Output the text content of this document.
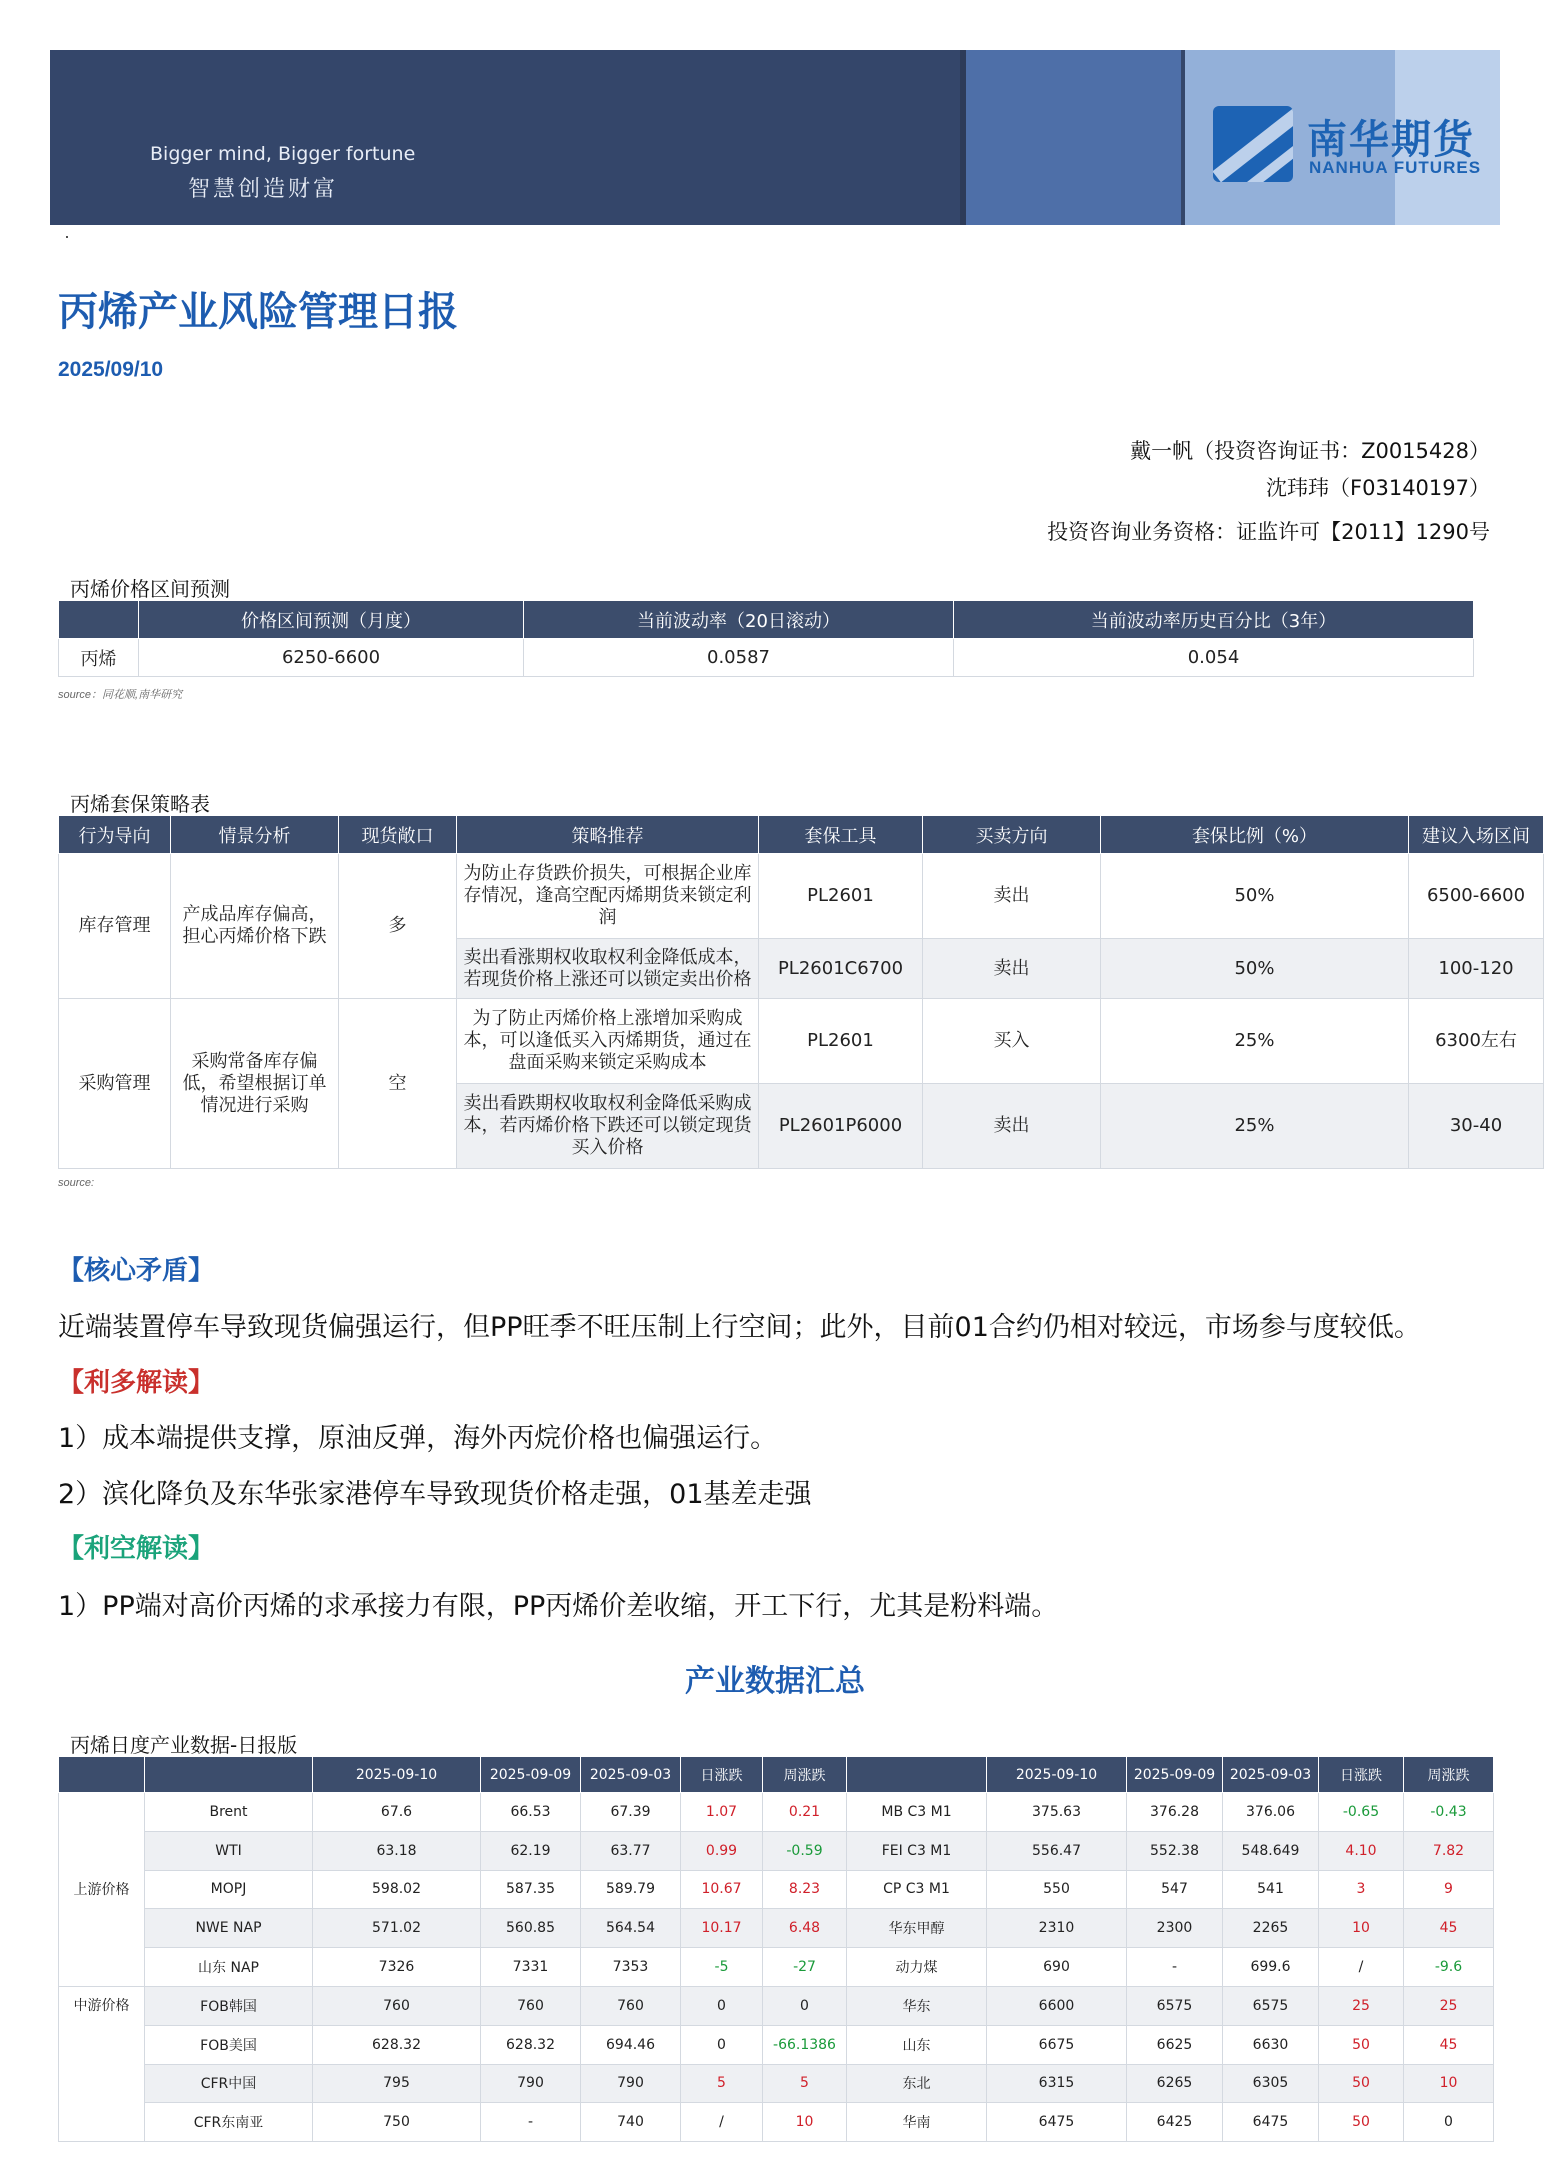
Bigger mind, Bigger fortune
智慧创造财富
南华期货
NANHUA FUTURES
·
丙烯产业风险管理日报
2025/09/10
戴一帆（投资咨询证书：Z0015428）
沈玮玮（F03140197）
投资咨询业务资格：证监许可【2011】1290号
丙烯价格区间预测
	价格区间预测（月度）	当前波动率（20日滚动）	当前波动率历史百分比（3年）
丙烯	6250-6600	0.0587	0.054
source：同花顺,南华研究
丙烯套保策略表
行为导向	情景分析	现货敞口	策略推荐	套保工具	买卖方向	套保比例（%）	建议入场区间
库存管理	产成品库存偏高，担心丙烯价格下跌	多	为防止存货跌价损失，可根据企业库存情况，逢高空配丙烯期货来锁定利润	PL2601	卖出	50%	6500-6600
			卖出看涨期权收取权利金降低成本，若现货价格上涨还可以锁定卖出价格	PL2601C6700	卖出	50%	100-120
采购管理	采购常备库存偏低，希望根据订单情况进行采购	空	为了防止丙烯价格上涨增加采购成本，可以逢低买入丙烯期货，通过在盘面采购来锁定采购成本	PL2601	买入	25%	6300左右
			卖出看跌期权收取权利金降低采购成本，若丙烯价格下跌还可以锁定现货买入价格	PL2601P6000	卖出	25%	30-40
source:
【核心矛盾】
近端装置停车导致现货偏强运行，但PP旺季不旺压制上行空间；此外，目前01合约仍相对较远，市场参与度较低。
【利多解读】
1）成本端提供支撑，原油反弹，海外丙烷价格也偏强运行。
2）滨化降负及东华张家港停车导致现货价格走强，01基差走强
【利空解读】
1）PP端对高价丙烯的求承接力有限，PP丙烯价差收缩，开工下行，尤其是粉料端。
产业数据汇总
丙烯日度产业数据-日报版
		2025-09-10	2025-09-09	2025-09-03	日涨跌	周涨跌		2025-09-10	2025-09-09	2025-09-03	日涨跌	周涨跌
上游价格	Brent	67.6	66.53	67.39	1.07	0.21	MB C3 M1	375.63	376.28	376.06	-0.65	-0.43
	WTI	63.18	62.19	63.77	0.99	-0.59	FEI C3 M1	556.47	552.38	548.649	4.10	7.82
	MOPJ	598.02	587.35	589.79	10.67	8.23	CP C3 M1	550	547	541	3	9
	NWE NAP	571.02	560.85	564.54	10.17	6.48	华东甲醇	2310	2300	2265	10	45
	山东 NAP	7326	7331	7353	-5	-27	动力煤	690	-	699.6	/	-9.6
中游价格	FOB韩国	760	760	760	0	0	华东	6600	6575	6575	25	25
	FOB美国	628.32	628.32	694.46	0	-66.1386	山东	6675	6625	6630	50	45
	CFR中国	795	790	790	5	5	东北	6315	6265	6305	50	10
	CFR东南亚	750	-	740	/	10	华南	6475	6425	6475	50	0
